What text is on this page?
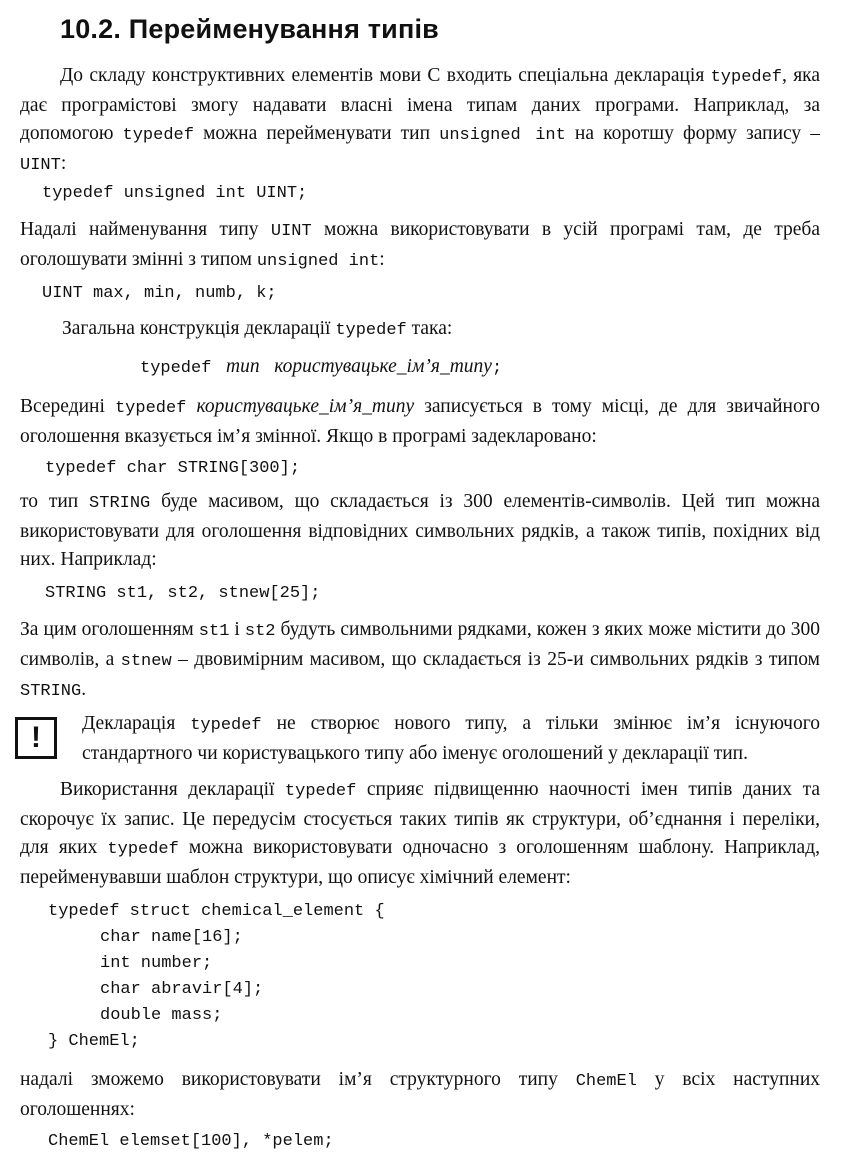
10.2. Перейменування типів

До складу конструктивних елементів мови С входить спеціальна декларація typedef, яка дає програмістові змогу надавати власні імена типам даних програми. Наприклад, за допомогою typedef можна перейменувати тип unsigned int на коротшу форму запису – UINT:

typedef unsigned int UINT;

Надалі найменування типу UINT можна використовувати в усій програмі там, де треба оголошувати змінні з типом unsigned int:

UINT max, min, numb, k;

Загальна конструкція декларації typedef така:

typedef тип користувацьке_ім’я_типу;

Всередині typedef користувацьке_ім’я_типу записується в тому місці, де для звичайного оголошення вказується ім’я змінної. Якщо в програмі задекларовано:

typedef char STRING[300];

то тип STRING буде масивом, що складається із 300 елементів-символів. Цей тип можна використовувати для оголошення відповідних символьних рядків, а також типів, похідних від них. Наприклад:

STRING st1, st2, stnew[25];

За цим оголошенням st1 і st2 будуть символьними рядками, кожен з яких може містити до 300 символів, а stnew – двовимірним масивом, що складається із 25-и символьних рядків з типом STRING.

!	Декларація typedef не створює нового типу, а тільки змінює ім’я існуючого стандартного чи користувацького типу або іменує оголошений у декларації тип.

Використання декларації typedef сприяє підвищенню наочності імен типів даних та скорочує їх запис. Це передусім стосується таких типів як структури, об’єднання і переліки, для яких typedef можна використовувати одночасно з оголошенням шаблону. Наприклад, перейменувавши шаблон структури, що описує хімічний елемент:

typedef struct chemical_element {
char name[16];
int number;
char abravir[4];
double mass;
} ChemEl;

надалі зможемо використовувати ім’я структурного типу ChemEl у всіх наступних оголошеннях:

ChemEl elemset[100], *pelem;
